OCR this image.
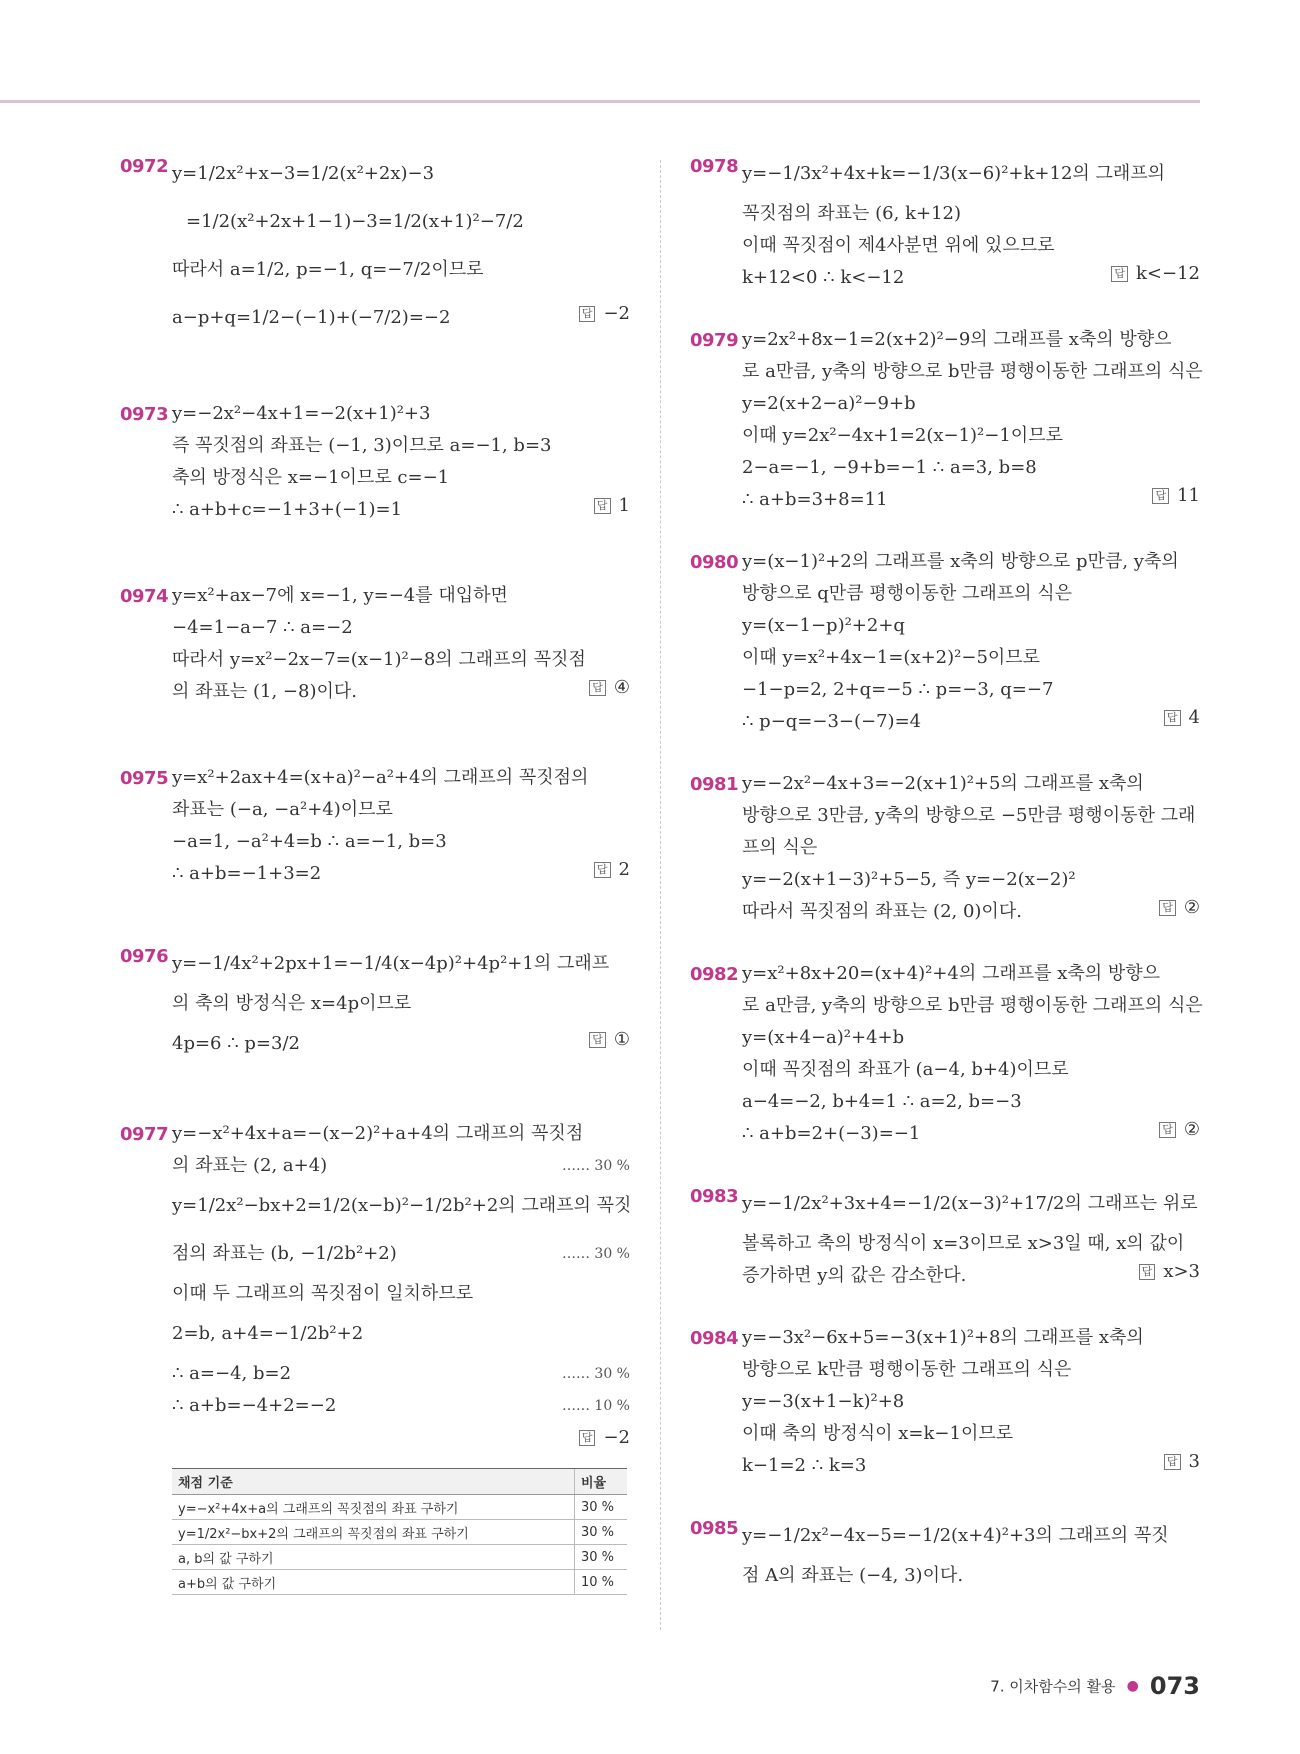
0972 y=1/2x²+x−3=1/2(x²+2x)−3
=1/2(x²+2x+1−1)−3=1/2(x+1)²−7/2
따라서 a=1/2, p=−1, q=−7/2이므로
a−p+q=1/2−(−1)+(−7/2)=−2	답 −2
0973 y=−2x²−4x+1=−2(x+1)²+3
즉 꼭짓점의 좌표는 (−1, 3)이므로 a=−1, b=3
축의 방정식은 x=−1이므로 c=−1
∴ a+b+c=−1+3+(−1)=1	답 1
0974 y=x²+ax−7에 x=−1, y=−4를 대입하면
−4=1−a−7 ∴ a=−2
따라서 y=x²−2x−7=(x−1)²−8의 그래프의 꼭짓점
의 좌표는 (1, −8)이다.	답 ④
0975 y=x²+2ax+4=(x+a)²−a²+4의 그래프의 꼭짓점의
좌표는 (−a, −a²+4)이므로
−a=1, −a²+4=b ∴ a=−1, b=3
∴ a+b=−1+3=2	답 2
0976 y=−1/4x²+2px+1=−1/4(x−4p)²+4p²+1의 그래프
의 축의 방정식은 x=4p이므로
4p=6 ∴ p=3/2	답 ①
0977 y=−x²+4x+a=−(x−2)²+a+4의 그래프의 꼭짓점
의 좌표는 (2, a+4)	…… 30 %
y=1/2x²−bx+2=1/2(x−b)²−1/2b²+2의 그래프의 꼭짓
점의 좌표는 (b, −1/2b²+2)	…… 30 %
이때 두 그래프의 꼭짓점이 일치하므로
2=b, a+4=−1/2b²+2
∴ a=−4, b=2	…… 30 %
∴ a+b=−4+2=−2	…… 10 %
답 −2
채점 기준	비율
y=−x²+4x+a의 그래프의 꼭짓점의 좌표 구하기	30 %
y=1/2x²−bx+2의 그래프의 꼭짓점의 좌표 구하기	30 %
a, b의 값 구하기	30 %
a+b의 값 구하기	10 %
0978 y=−1/3x²+4x+k=−1/3(x−6)²+k+12의 그래프의
꼭짓점의 좌표는 (6, k+12)
이때 꼭짓점이 제4사분면 위에 있으므로
k+12<0 ∴ k<−12	답 k<−12
0979 y=2x²+8x−1=2(x+2)²−9의 그래프를 x축의 방향으
로 a만큼, y축의 방향으로 b만큼 평행이동한 그래프의 식은
y=2(x+2−a)²−9+b
이때 y=2x²−4x+1=2(x−1)²−1이므로
2−a=−1, −9+b=−1 ∴ a=3, b=8
∴ a+b=3+8=11	답 11
0980 y=(x−1)²+2의 그래프를 x축의 방향으로 p만큼, y축의
방향으로 q만큼 평행이동한 그래프의 식은
y=(x−1−p)²+2+q
이때 y=x²+4x−1=(x+2)²−5이므로
−1−p=2, 2+q=−5 ∴ p=−3, q=−7
∴ p−q=−3−(−7)=4	답 4
0981 y=−2x²−4x+3=−2(x+1)²+5의 그래프를 x축의
방향으로 3만큼, y축의 방향으로 −5만큼 평행이동한 그래
프의 식은
y=−2(x+1−3)²+5−5, 즉 y=−2(x−2)²
따라서 꼭짓점의 좌표는 (2, 0)이다.	답 ②
0982 y=x²+8x+20=(x+4)²+4의 그래프를 x축의 방향으
로 a만큼, y축의 방향으로 b만큼 평행이동한 그래프의 식은
y=(x+4−a)²+4+b
이때 꼭짓점의 좌표가 (a−4, b+4)이므로
a−4=−2, b+4=1 ∴ a=2, b=−3
∴ a+b=2+(−3)=−1	답 ②
0983 y=−1/2x²+3x+4=−1/2(x−3)²+17/2의 그래프는 위로
볼록하고 축의 방정식이 x=3이므로 x>3일 때, x의 값이
증가하면 y의 값은 감소한다.	답 x>3
0984 y=−3x²−6x+5=−3(x+1)²+8의 그래프를 x축의
방향으로 k만큼 평행이동한 그래프의 식은
y=−3(x+1−k)²+8
이때 축의 방정식이 x=k−1이므로
k−1=2 ∴ k=3	답 3
0985 y=−1/2x²−4x−5=−1/2(x+4)²+3의 그래프의 꼭짓
점 A의 좌표는 (−4, 3)이다.
7. 이차함수의 활용 ● 073
